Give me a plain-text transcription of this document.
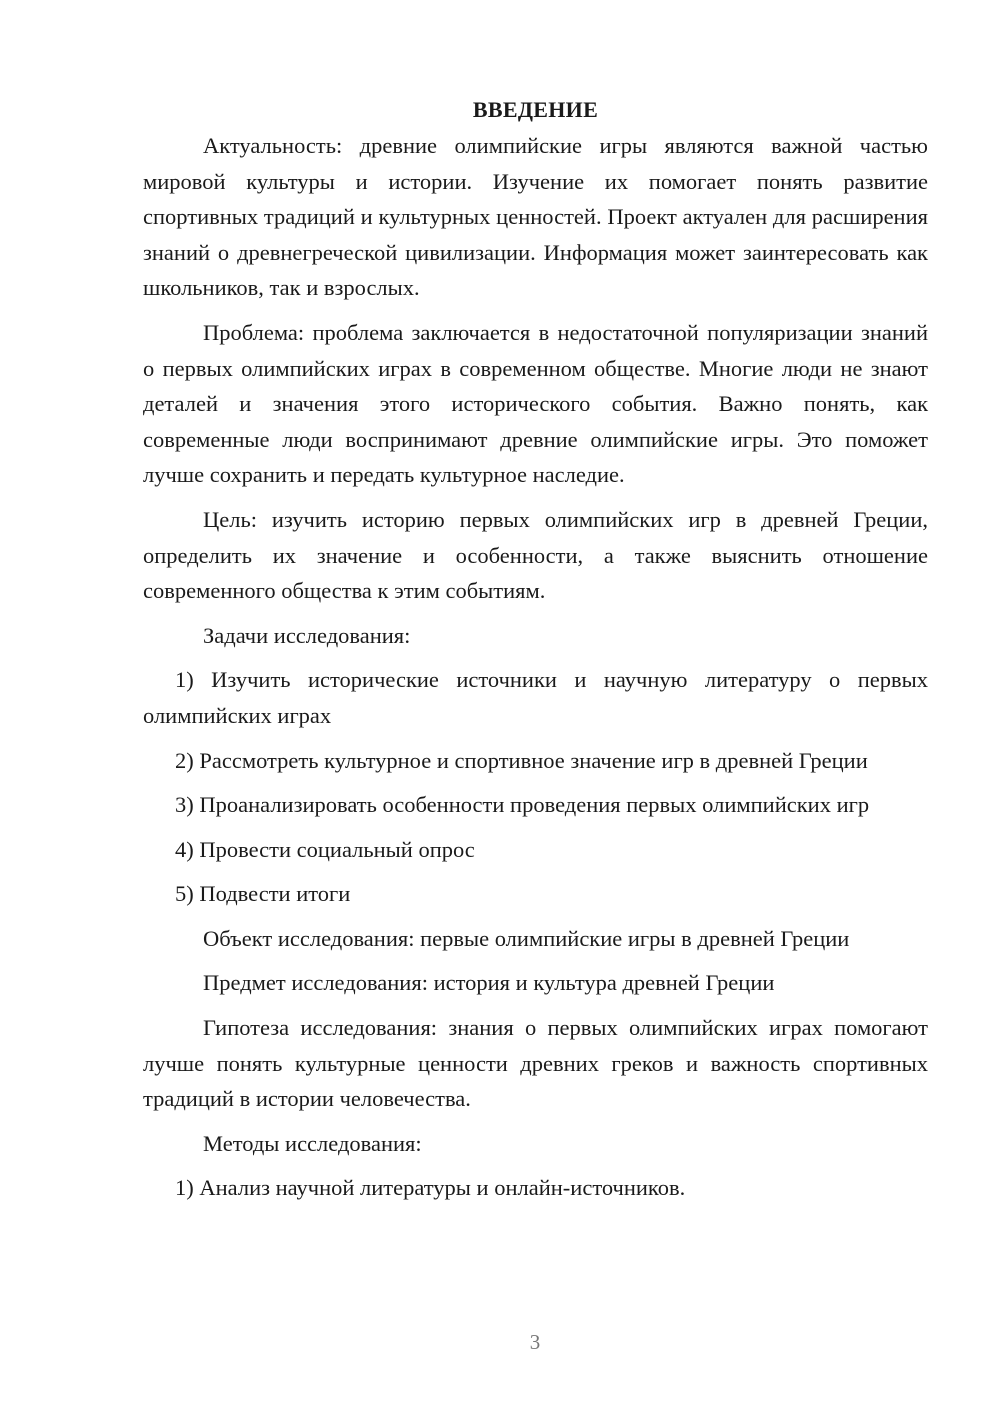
ВВЕДЕНИЕ

Актуальность: древние олимпийские игры являются важной частью мировой культуры и истории. Изучение их помогает понять развитие спортивных традиций и культурных ценностей. Проект актуален для расширения знаний о древнегреческой цивилизации. Информация может заинтересовать как школьников, так и взрослых.

Проблема: проблема заключается в недостаточной популяризации знаний о первых олимпийских играх в современном обществе. Многие люди не знают деталей и значения этого исторического события. Важно понять, как современные люди воспринимают древние олимпийские игры. Это поможет лучше сохранить и передать культурное наследие.

Цель: изучить историю первых олимпийских игр в древней Греции, определить их значение и особенности, а также выяснить отношение современного общества к этим событиям.

Задачи исследования:

1) Изучить исторические источники и научную литературу о первых олимпийских играх

2) Рассмотреть культурное и спортивное значение игр в древней Греции

3) Проанализировать особенности проведения первых олимпийских игр

4) Провести социальный опрос

5) Подвести итоги

Объект исследования: первые олимпийские игры в древней Греции

Предмет исследования: история и культура древней Греции

Гипотеза исследования: знания о первых олимпийских играх помогают лучше понять культурные ценности древних греков и важность спортивных традиций в истории человечества.

Методы исследования:

1) Анализ научной литературы и онлайн-источников.

3
